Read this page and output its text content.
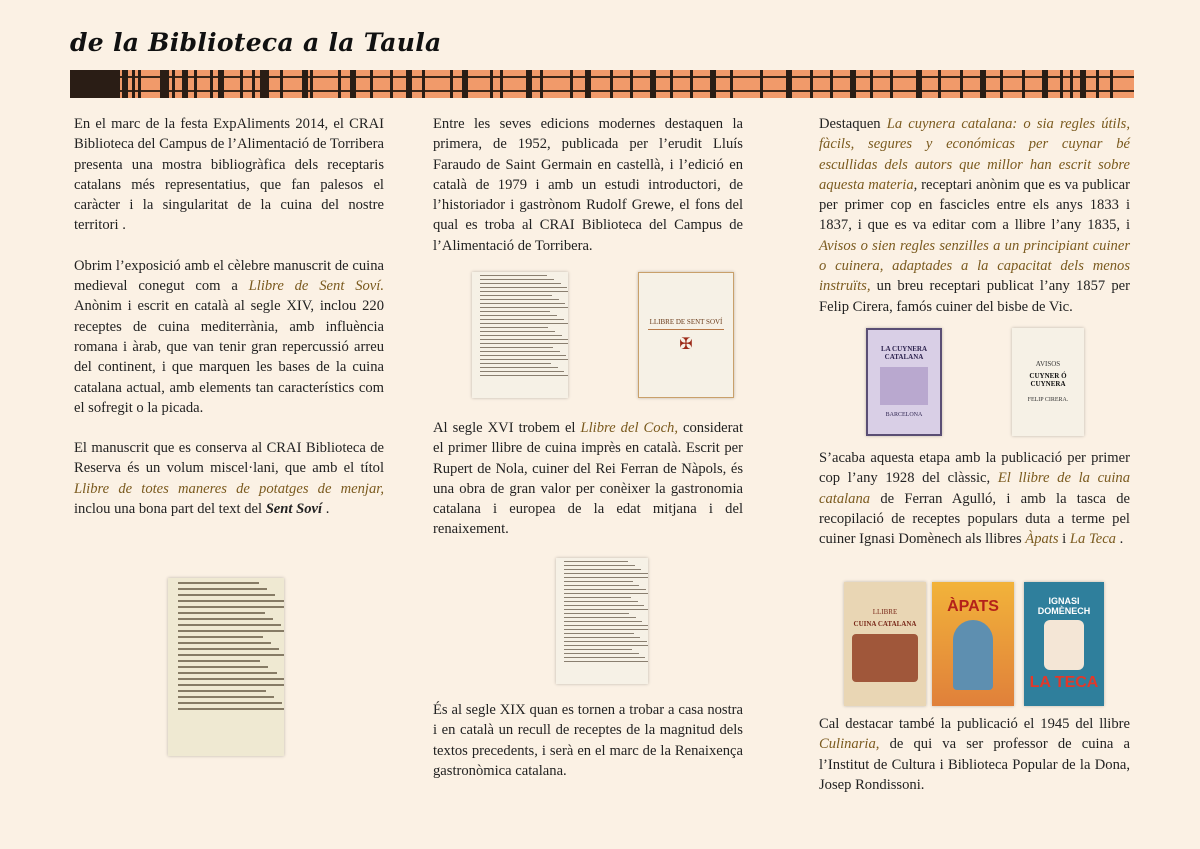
de la Biblioteca a la Taula

En el marc de la festa ExpAliments 2014, el CRAI Biblioteca del Campus de l’Alimentació de Torribera presenta una mostra bibliogràfica dels receptaris catalans més representatius, que fan palesos el caràcter i la singularitat de la cuina del nostre territori .

Obrim l’exposició amb el cèlebre manuscrit de cuina medieval conegut com a Llibre de Sent Soví. Anònim i escrit en català al segle XIV, inclou 220 receptes de cuina mediterrània, amb influència romana i àrab, que van tenir gran repercussió arreu del continent, i que marquen les bases de la cuina catalana actual, amb elements tan característics com el sofregit o la picada.

El manuscrit que es conserva al CRAI Biblioteca de Reserva és un volum miscel·lani, que amb el títol Llibre de totes maneres de potatges de menjar, inclou una bona part del text del Sent Soví .

Entre les seves edicions modernes destaquen la primera, de 1952, publicada per l’erudit Lluís Faraudo de Saint Germain en castellà, i l’edició en català de 1979 i amb un estudi introductori, de l’historiador i gastrònom Rudolf Grewe, el fons del qual es troba al CRAI Biblioteca del Campus de l’Alimentació de Torribera.

LLIBRE DE SENT SOVÍ
✠

Al segle XVI trobem el Llibre del Coch, considerat el primer llibre de cuina imprès en català. Escrit per Rupert de Nola, cuiner del Rei Ferran de Nàpols, és una obra de gran valor per conèixer la gastronomia catalana i europea de la edat mitjana i del renaixement.

És al segle XIX quan es tornen a trobar a casa nostra i en català un recull de receptes de la magnitud dels textos precedents, i serà en el marc de la Renaixença gastronòmica catalana.

Destaquen La cuynera catalana: o sia regles útils, fàcils, segures y económicas per cuynar bé escullidas dels autors que millor han escrit sobre aquesta materia, receptari anònim que es va publicar per primer cop en fascicles entre els anys 1833 i 1837, i que es va editar com a llibre l’any 1835, i Avisos o sien regles senzilles a un principiant cuiner o cuinera, adaptades a la capacitat dels menos instruïts, un breu receptari publicat l’any 1857 per Felip Cirera, famós cuiner del bisbe de Vic.

LA CUYNERA CATALANA
BARCELONA
AVISOS
CUYNER Ó CUYNERA
FELIP CIRERA.

S’acaba aquesta etapa amb la publicació per primer cop l’any 1928 del clàssic, El llibre de la cuina catalana de Ferran Agulló, i amb la tasca de recopilació de receptes populars duta a terme pel cuiner Ignasi Domènech als llibres Àpats i La Teca .

LLIBRE
CUINA CATALANA
ÀPATS	IGNASI DOMÈNECH
LA TECA

Cal destacar també la publicació el 1945 del llibre Culinaria, de qui va ser professor de cuina a l’Institut de Cultura i Biblioteca Popular de la Dona, Josep Rondissoni.
